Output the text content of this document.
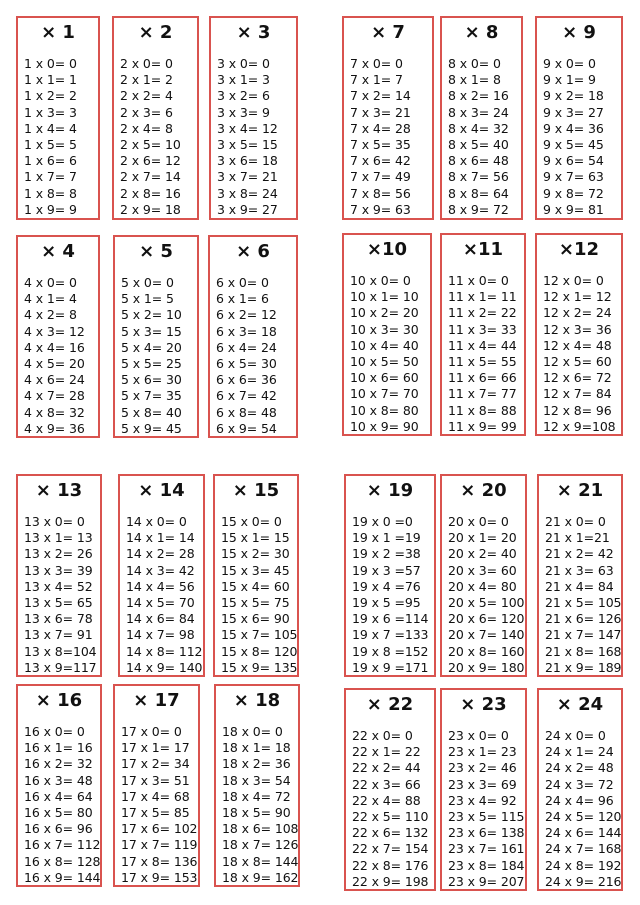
× 1
1 x 0= 0
1 x 1= 1
1 x 2= 2
1 x 3= 3
1 x 4= 4
1 x 5= 5
1 x 6= 6
1 x 7= 7
1 x 8= 8
1 x 9= 9
× 2
2 x 0= 0
2 x 1= 2
2 x 2= 4
2 x 3= 6
2 x 4= 8
2 x 5= 10
2 x 6= 12
2 x 7= 14
2 x 8= 16
2 x 9= 18
× 3
3 x 0= 0
3 x 1= 3
3 x 2= 6
3 x 3= 9
3 x 4= 12
3 x 5= 15
3 x 6= 18
3 x 7= 21
3 x 8= 24
3 x 9= 27
× 7
7 x 0= 0
7 x 1= 7
7 x 2= 14
7 x 3= 21
7 x 4= 28
7 x 5= 35
7 x 6= 42
7 x 7= 49
7 x 8= 56
7 x 9= 63
× 8
8 x 0= 0
8 x 1= 8
8 x 2= 16
8 x 3= 24
8 x 4= 32
8 x 5= 40
8 x 6= 48
8 x 7= 56
8 x 8= 64
8 x 9= 72
× 9
9 x 0= 0
9 x 1= 9
9 x 2= 18
9 x 3= 27
9 x 4= 36
9 x 5= 45
9 x 6= 54
9 x 7= 63
9 x 8= 72
9 x 9= 81
× 4
4 x 0= 0
4 x 1= 4
4 x 2= 8
4 x 3= 12
4 x 4= 16
4 x 5= 20
4 x 6= 24
4 x 7= 28
4 x 8= 32
4 x 9= 36
× 5
5 x 0= 0
5 x 1= 5
5 x 2= 10
5 x 3= 15
5 x 4= 20
5 x 5= 25
5 x 6= 30
5 x 7= 35
5 x 8= 40
5 x 9= 45
× 6
6 x 0= 0
6 x 1= 6
6 x 2= 12
6 x 3= 18
6 x 4= 24
6 x 5= 30
6 x 6= 36
6 x 7= 42
6 x 8= 48
6 x 9= 54
×10
10 x 0= 0
10 x 1= 10
10 x 2= 20
10 x 3= 30
10 x 4= 40
10 x 5= 50
10 x 6= 60
10 x 7= 70
10 x 8= 80
10 x 9= 90
×11
11 x 0= 0
11 x 1= 11
11 x 2= 22
11 x 3= 33
11 x 4= 44
11 x 5= 55
11 x 6= 66
11 x 7= 77
11 x 8= 88
11 x 9= 99
×12
12 x 0= 0
12 x 1= 12
12 x 2= 24
12 x 3= 36
12 x 4= 48
12 x 5= 60
12 x 6= 72
12 x 7= 84
12 x 8= 96
12 x 9=108
× 13
13 x 0= 0
13 x 1= 13
13 x 2= 26
13 x 3= 39
13 x 4= 52
13 x 5= 65
13 x 6= 78
13 x 7= 91
13 x 8=104
13 x 9=117
× 14
14 x 0= 0
14 x 1= 14
14 x 2= 28
14 x 3= 42
14 x 4= 56
14 x 5= 70
14 x 6= 84
14 x 7= 98
14 x 8= 112
14 x 9= 140
× 15
15 x 0= 0
15 x 1= 15
15 x 2= 30
15 x 3= 45
15 x 4= 60
15 x 5= 75
15 x 6= 90
15 x 7= 105
15 x 8= 120
15 x 9= 135
× 19
19 x 0 =0
19 x 1 =19
19 x 2 =38
19 x 3 =57
19 x 4 =76
19 x 5 =95
19 x 6 =114
19 x 7 =133
19 x 8 =152
19 x 9 =171
× 20
20 x 0= 0
20 x 1= 20
20 x 2= 40
20 x 3= 60
20 x 4= 80
20 x 5= 100
20 x 6= 120
20 x 7= 140
20 x 8= 160
20 x 9= 180
× 21
21 x 0= 0
21 x 1=21
21 x 2= 42
21 x 3= 63
21 x 4= 84
21 x 5= 105
21 x 6= 126
21 x 7= 147
21 x 8= 168
21 x 9= 189
× 16
16 x 0= 0
16 x 1= 16
16 x 2= 32
16 x 3= 48
16 x 4= 64
16 x 5= 80
16 x 6= 96
16 x 7= 112
16 x 8= 128
16 x 9= 144
× 17
17 x 0= 0
17 x 1= 17
17 x 2= 34
17 x 3= 51
17 x 4= 68
17 x 5= 85
17 x 6= 102
17 x 7= 119
17 x 8= 136
17 x 9= 153
× 18
18 x 0= 0
18 x 1= 18
18 x 2= 36
18 x 3= 54
18 x 4= 72
18 x 5= 90
18 x 6= 108
18 x 7= 126
18 x 8= 144
18 x 9= 162
× 22
22 x 0= 0
22 x 1= 22
22 x 2= 44
22 x 3= 66
22 x 4= 88
22 x 5= 110
22 x 6= 132
22 x 7= 154
22 x 8= 176
22 x 9= 198
× 23
23 x 0= 0
23 x 1= 23
23 x 2= 46
23 x 3= 69
23 x 4= 92
23 x 5= 115
23 x 6= 138
23 x 7= 161
23 x 8= 184
23 x 9= 207
× 24
24 x 0= 0
24 x 1= 24
24 x 2= 48
24 x 3= 72
24 x 4= 96
24 x 5= 120
24 x 6= 144
24 x 7= 168
24 x 8= 192
24 x 9= 216
